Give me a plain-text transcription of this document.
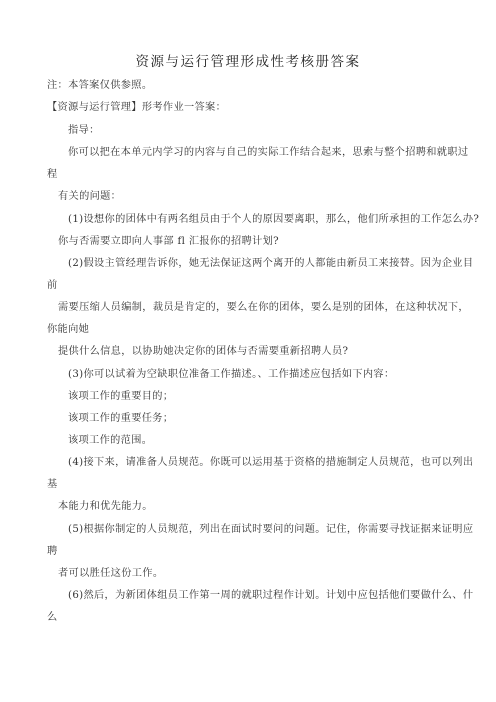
资源与运行管理形成性考核册答案
注：本答案仅供参照。
【资源与运行管理】形考作业一答案：
指导：
你可以把在本单元内学习的内容与自己的实际工作结合起来，思索与整个招聘和就职过
程
有关的问题：
(1)设想你的团体中有两名组员由于个人的原因要离职，那么，他们所承担的工作怎么办?
你与否需要立即向人事部 fl 汇报你的招聘计划?
(2)假设主管经理告诉你，她无法保证这两个离开的人都能由新员工来接替。因为企业目
前
需要压缩人员编制，裁员是肯定的，要么在你的团体，要么是别的团体，在这种状况下，
你能向她
提供什么信息，以协助她决定你的团体与否需要重新招聘人员?
(3)你可以试着为空缺职位准备工作描述。、工作描述应包括如下内容：
该项工作的重要目的；
该项工作的重要任务；
该项工作的范围。
(4)接下来，请准备人员规范。你既可以运用基于资格的措施制定人员规范，也可以列出
基
本能力和优先能力。
(5)根据你制定的人员规范，列出在面试时要问的问题。记住，你需要寻找证据来证明应
聘
者可以胜任这份工作。
(6)然后，为新团体组员工作第一周的就职过程作计划。计划中应包括他们要做什么、什
么
